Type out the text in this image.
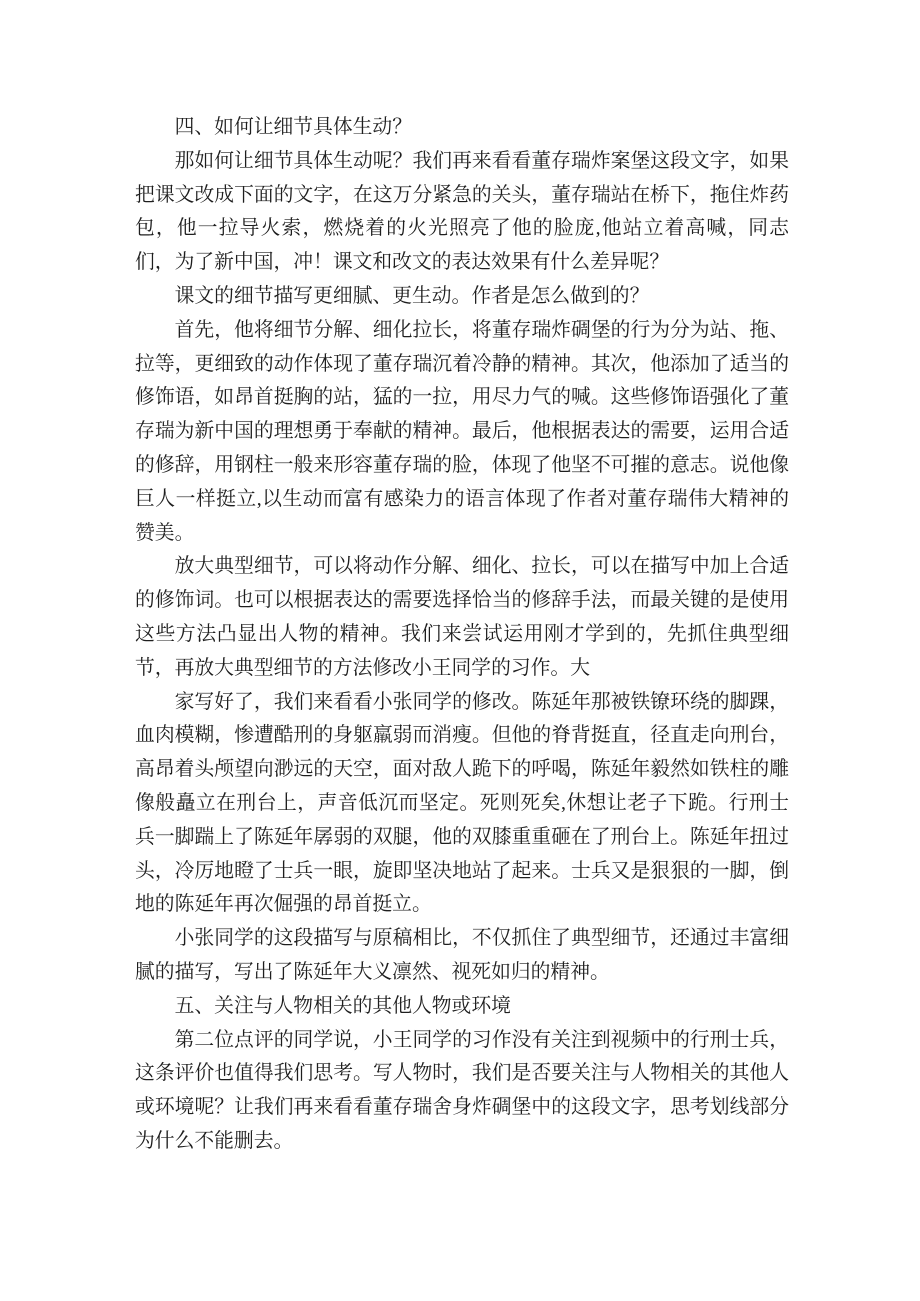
四、如何让细节具体生动？

那如何让细节具体生动呢？我们再来看看董存瑞炸案堡这段文字，如果把课文改成下面的文字，在这万分紧急的关头，董存瑞站在桥下，拖住炸药包，他一拉导火索，燃烧着的火光照亮了他的脸庞,他站立着高喊，同志们，为了新中国，冲！课文和改文的表达效果有什么差异呢？

课文的细节描写更细腻、更生动。作者是怎么做到的？

首先，他将细节分解、细化拉长，将董存瑞炸碉堡的行为分为站、拖、拉等，更细致的动作体现了董存瑞沉着冷静的精神。其次，他添加了适当的修饰语，如昂首挺胸的站，猛的一拉，用尽力气的喊。这些修饰语强化了董存瑞为新中国的理想勇于奉献的精神。最后，他根据表达的需要，运用合适的修辞，用钢柱一般来形容董存瑞的脸，体现了他坚不可摧的意志。说他像巨人一样挺立,以生动而富有感染力的语言体现了作者对董存瑞伟大精神的赞美。

放大典型细节，可以将动作分解、细化、拉长，可以在描写中加上合适的修饰词。也可以根据表达的需要选择恰当的修辞手法，而最关键的是使用这些方法凸显出人物的精神。我们来尝试运用刚才学到的，先抓住典型细节，再放大典型细节的方法修改小王同学的习作。大

家写好了，我们来看看小张同学的修改。陈延年那被铁镣环绕的脚踝，血肉模糊，惨遭酷刑的身躯羸弱而消瘦。但他的脊背挺直，径直走向刑台，高昂着头颅望向渺远的天空，面对敌人跪下的呼喝，陈延年毅然如铁柱的雕像般矗立在刑台上，声音低沉而坚定。死则死矣,休想让老子下跪。行刑士兵一脚踹上了陈延年孱弱的双腿，他的双膝重重砸在了刑台上。陈延年扭过头，冷厉地瞪了士兵一眼，旋即坚决地站了起来。士兵又是狠狠的一脚，倒地的陈延年再次倔强的昂首挺立。

小张同学的这段描写与原稿相比，不仅抓住了典型细节，还通过丰富细腻的描写，写出了陈延年大义凛然、视死如归的精神。

五、关注与人物相关的其他人物或环境

第二位点评的同学说，小王同学的习作没有关注到视频中的行刑士兵，这条评价也值得我们思考。写人物时，我们是否要关注与人物相关的其他人或环境呢？让我们再来看看董存瑞舍身炸碉堡中的这段文字，思考划线部分为什么不能删去。
